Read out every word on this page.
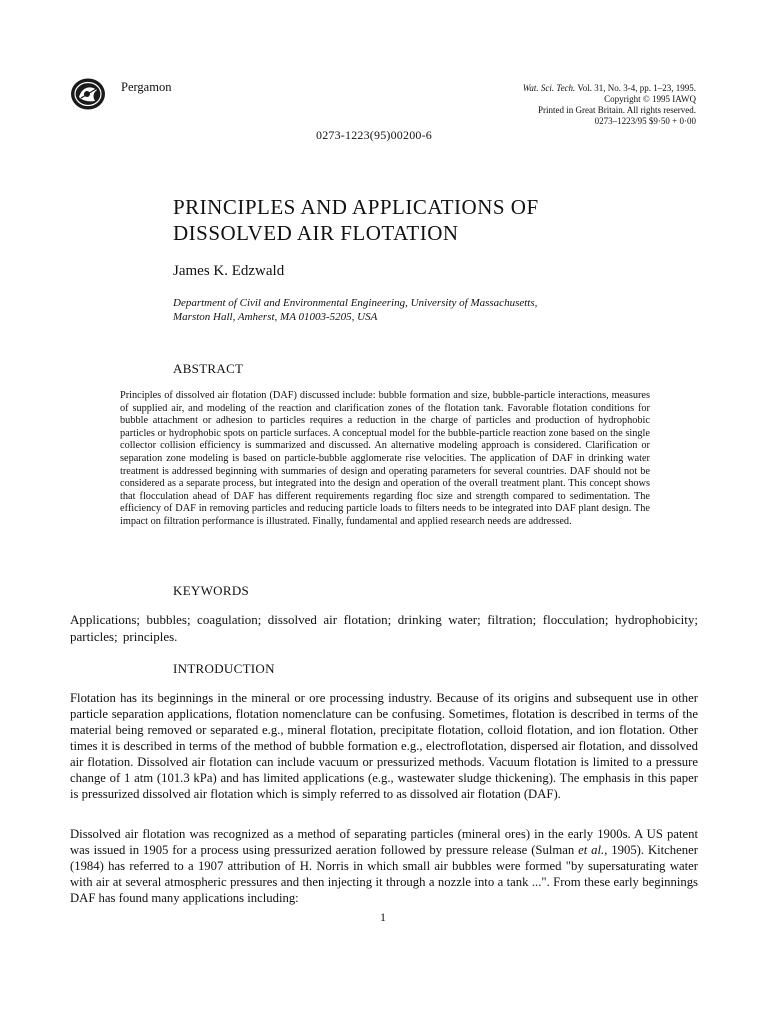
Pergamon	Wat. Sci. Tech. Vol. 31, No. 3-4, pp. 1–23, 1995.
Copyright © 1995 IAWQ
Printed in Great Britain. All rights reserved.
0273–1223/95 $9·50 + 0·00
0273-1223(95)00200-6
PRINCIPLES AND APPLICATIONS OF
DISSOLVED AIR FLOTATION
James K. Edzwald
Department of Civil and Environmental Engineering, University of Massachusetts,
Marston Hall, Amherst, MA 01003-5205, USA
ABSTRACT

Principles of dissolved air flotation (DAF) discussed include: bubble formation and size, bubble-particle interactions, measures of supplied air, and modeling of the reaction and clarification zones of the flotation tank. Favorable flotation conditions for bubble attachment or adhesion to particles requires a reduction in the charge of particles and production of hydrophobic particles or hydrophobic spots on particle surfaces. A conceptual model for the bubble-particle reaction zone based on the single collector collision efficiency is summarized and discussed. An alternative modeling approach is considered. Clarification or separation zone modeling is based on particle-bubble agglomerate rise velocities. The application of DAF in drinking water treatment is addressed beginning with summaries of design and operating parameters for several countries. DAF should not be considered as a separate process, but integrated into the design and operation of the overall treatment plant. This concept shows that flocculation ahead of DAF has different requirements regarding floc size and strength compared to sedimentation. The efficiency of DAF in removing particles and reducing particle loads to filters needs to be integrated into DAF plant design. The impact on filtration performance is illustrated. Finally, fundamental and applied research needs are addressed.

KEYWORDS

Applications; bubbles; coagulation; dissolved air flotation; drinking water; filtration; flocculation; hydrophobicity; particles; principles.

INTRODUCTION

Flotation has its beginnings in the mineral or ore processing industry. Because of its origins and subsequent use in other particle separation applications, flotation nomenclature can be confusing. Sometimes, flotation is described in terms of the material being removed or separated e.g., mineral flotation, precipitate flotation, colloid flotation, and ion flotation. Other times it is described in terms of the method of bubble formation e.g., electroflotation, dispersed air flotation, and dissolved air flotation. Dissolved air flotation can include vacuum or pressurized methods. Vacuum flotation is limited to a pressure change of 1 atm (101.3 kPa) and has limited applications (e.g., wastewater sludge thickening). The emphasis in this paper is pressurized dissolved air flotation which is simply referred to as dissolved air flotation (DAF).

Dissolved air flotation was recognized as a method of separating particles (mineral ores) in the early 1900s. A US patent was issued in 1905 for a process using pressurized aeration followed by pressure release (Sulman et al., 1905). Kitchener (1984) has referred to a 1907 attribution of H. Norris in which small air bubbles were formed "by supersaturating water with air at several atmospheric pressures and then injecting it through a nozzle into a tank ...". From these early beginnings DAF has found many applications including:

1
